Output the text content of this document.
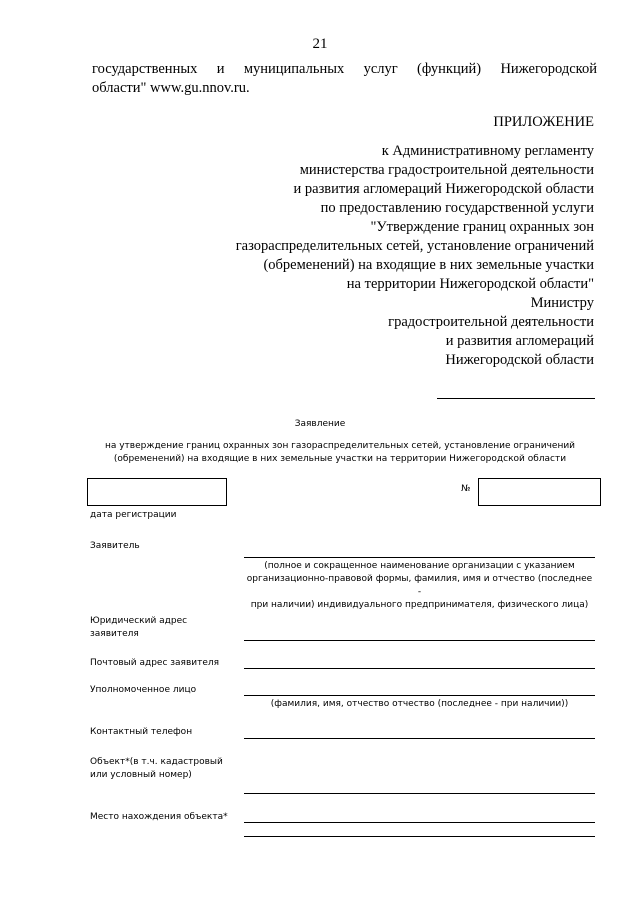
21
государственных и муниципальных услуг (функций) Нижегородской
области" www.gu.nnov.ru.
ПРИЛОЖЕНИЕ
к Административному регламенту
министерства градостроительной деятельности
и развития агломераций Нижегородской области
по предоставлению государственной услуги
"Утверждение границ охранных зон
газораспределительных сетей, установление ограничений
(обременений) на входящие в них земельные участки
на территории Нижегородской области"
Министру
градостроительной деятельности
и развития агломераций
Нижегородской области
Заявление
на утверждение границ охранных зон газораспределительных сетей, установление ограничений
(обременений) на входящие в них земельные участки на территории Нижегородской области
дата регистрации
№
Заявитель
(полное и сокращенное наименование организации с указанием
организационно-правовой формы, фамилия, имя и отчество (последнее -
при наличии) индивидуального предпринимателя, физического лица)
Юридический адрес
заявителя
Почтовый адрес заявителя
Уполномоченное лицо
(фамилия, имя, отчество отчество (последнее - при наличии))
Контактный телефон
Объект*(в т.ч. кадастровый
или условный номер)
Место нахождения объекта*
